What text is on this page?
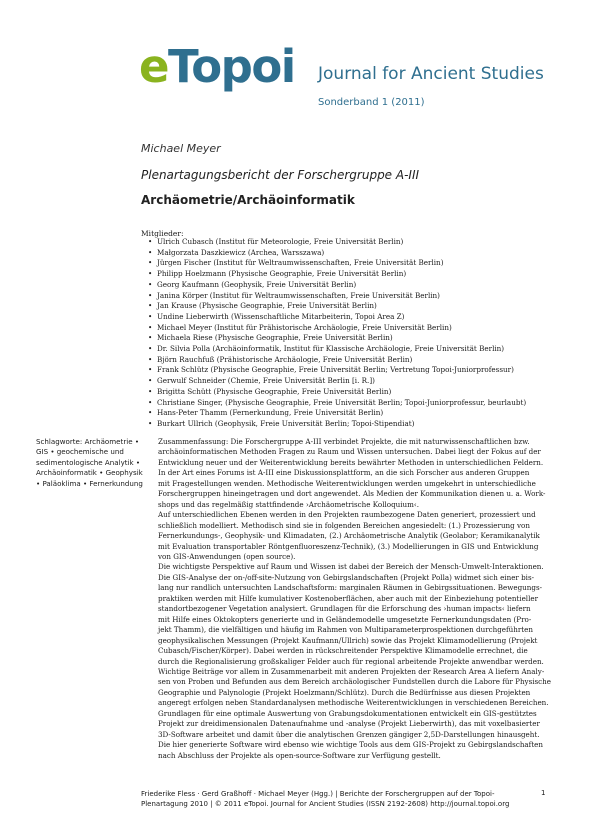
eTopoi Journal for Ancient Studies
Sonderband 1 (2011)
Michael Meyer
Plenartagungsbericht der Forschergruppe A-III
Archäometrie/Archäoinformatik
Mitglieder:
• Ulrich Cubasch (Institut für Meteorologie, Freie Universität Berlin)
• Małgorzata Daszkiewicz (Archea, Warsszawa)
• Jürgen Fischer (Institut für Weltraumwissenschaften, Freie Universität Berlin)
• Philipp Hoelzmann (Physische Geographie, Freie Universität Berlin)
• Georg Kaufmann (Geophysik, Freie Universität Berlin)
• Janina Körper (Institut für Weltraumwissenschaften, Freie Universität Berlin)
• Jan Krause (Physische Geographie, Freie Universität Berlin)
• Undine Lieberwirth (Wissenschaftliche Mitarbeiterin, Topoi Area Z)
• Michael Meyer (Institut für Prähistorische Archäologie, Freie Universität Berlin)
• Michaela Riese (Physische Geographie, Freie Universität Berlin)
• Dr. Silvia Polla (Archäoinformatik, Institut für Klassische Archäologie, Freie Universität Berlin)
• Björn Rauchfuß (Prähistorische Archäologie, Freie Universität Berlin)
• Frank Schlütz (Physische Geographie, Freie Universität Berlin; Vertretung Topoi-Juniorprofessur)
• Gerwulf Schneider (Chemie, Freie Universität Berlin [i. R.])
• Brigitta Schütt (Physische Geographie, Freie Universität Berlin)
• Christiane Singer, (Physische Geographie, Freie Universität Berlin; Topoi-Juniorprofessur, beurlaubt)
• Hans-Peter Thamm (Fernerkundung, Freie Universität Berlin)
• Burkart Ullrich (Geophysik, Freie Universität Berlin; Topoi-Stipendiat)
Schlagworte: Archäometrie • GIS • geochemische und sedimentologische Analytik • Archäoinformatik • Geophysik • Paläoklima • Fernerkundung

Zusammenfassung: Die Forschergruppe A-III verbindet Projekte, die mit naturwissenschaftlichen bzw.

archäoinformatischen Methoden Fragen zu Raum und Wissen untersuchen. Dabei liegt der Fokus auf der

Entwicklung neuer und der Weiterentwicklung bereits bewährter Methoden in unterschiedlichen Feldern.

In der Art eines Forums ist A-III eine Diskussionsplattform, an die sich Forscher aus anderen Gruppen

mit Fragestellungen wenden. Methodische Weiterentwicklungen werden umgekehrt in unterschiedliche

Forschergruppen hineingetragen und dort angewendet. Als Medien der Kommunikation dienen u. a. Work-

shops und das regelmäßig stattfindende ›Archäometrische Kolloquium‹.

Auf unterschiedlichen Ebenen werden in den Projekten raumbezogene Daten generiert, prozessiert und

schließlich modelliert. Methodisch sind sie in folgenden Bereichen angesiedelt: (1.) Prozessierung von

Fernerkundungs-, Geophysik- und Klimadaten, (2.) Archäometrische Analytik (Geolabor; Keramikanalytik

mit Evaluation transportabler Röntgenfluoreszenz-Technik), (3.) Modellierungen in GIS und Entwicklung

von GIS-Anwendungen (open source).

Die wichtigste Perspektive auf Raum und Wissen ist dabei der Bereich der Mensch-Umwelt-Interaktionen.

Die GIS-Analyse der on-/off-site-Nutzung von Gebirgslandschaften (Projekt Polla) widmet sich einer bis-

lang nur randlich untersuchten Landschaftsform: marginalen Räumen in Gebirgssituationen. Bewegungs-

praktiken werden mit Hilfe kumulativer Kostenoberflächen, aber auch mit der Einbeziehung potentieller

standortbezogener Vegetation analysiert. Grundlagen für die Erforschung des ›human impacts‹ liefern

mit Hilfe eines Oktokopters generierte und in Geländemodelle umgesetzte Fernerkundungsdaten (Pro-

jekt Thamm), die vielfältigen und häufig im Rahmen von Multiparameterprospektionen durchgeführten

geophysikalischen Messungen (Projekt Kaufmann/Ullrich) sowie das Projekt Klimamodellierung (Projekt

Cubasch/Fischer/Körper). Dabei werden in rückschreitender Perspektive Klimamodelle errechnet, die

durch die Regionalisierung großskaliger Felder auch für regional arbeitende Projekte anwendbar werden.

Wichtige Beiträge vor allem in Zusammenarbeit mit anderen Projekten der Research Area A liefern Analy-

sen von Proben und Befunden aus dem Bereich archäologischer Fundstellen durch die Labore für Physische

Geographie und Palynologie (Projekt Hoelzmann/Schlütz). Durch die Bedürfnisse aus diesen Projekten

angeregt erfolgen neben Standardanalysen methodische Weiterentwicklungen in verschiedenen Bereichen.

Grundlagen für eine optimale Auswertung von Grabungsdokumentationen entwickelt ein GIS-gestütztes

Projekt zur dreidimensionalen Datenaufnahme und -analyse (Projekt Lieberwirth), das mit voxelbasierter

3D-Software arbeitet und damit über die analytischen Grenzen gängiger 2,5D-Darstellungen hinausgeht.

Die hier generierte Software wird ebenso wie wichtige Tools aus dem GIS-Projekt zu Gebirgslandschaften

nach Abschluss der Projekte als open-source-Software zur Verfügung gestellt.

Friederike Fless · Gerd Graßhoff · Michael Meyer (Hgg.) | Berichte der Forschergruppen auf der Topoi-
Plenartagung 2010 | © 2011 eTopoi. Journal for Ancient Studies (ISSN 2192-2608) http://journal.topoi.org
1
